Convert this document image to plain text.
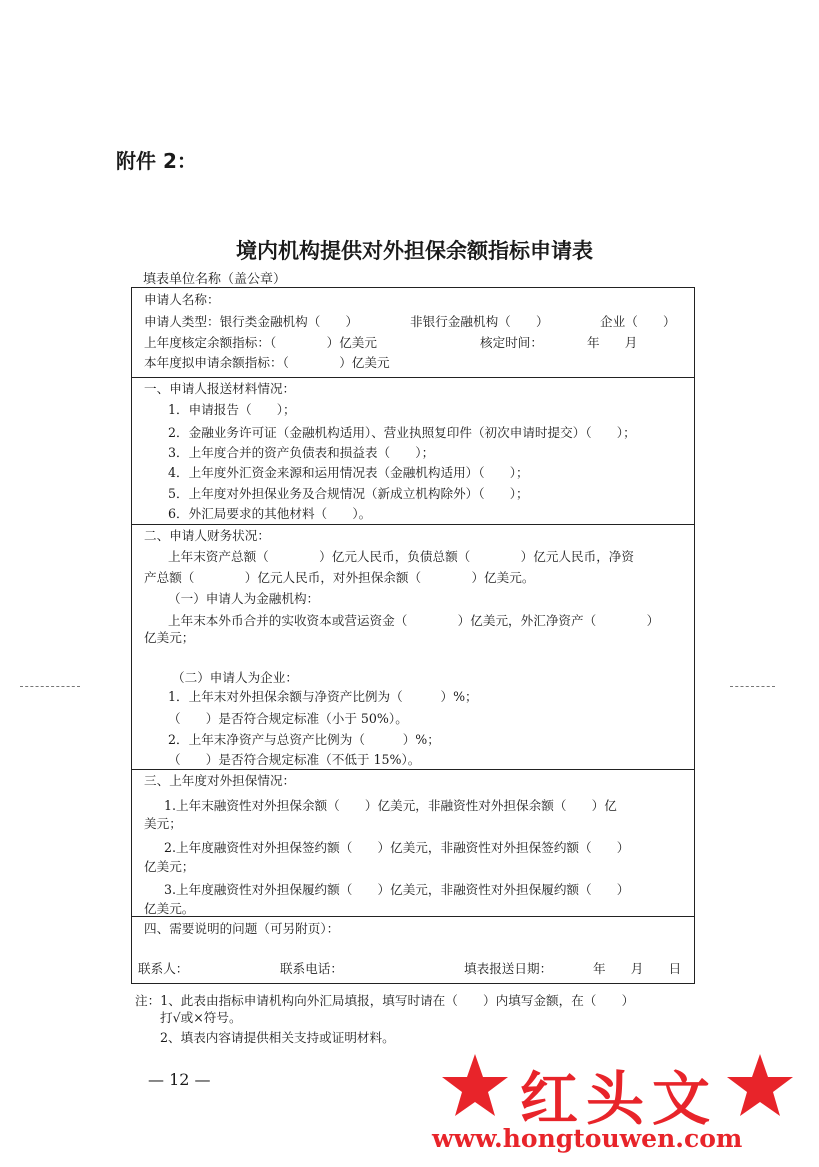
附件 2：
境内机构提供对外担保余额指标申请表
填表单位名称（盖公章）
申请人名称：
申请人类型：银行类金融机构（　　）	非银行金融机构（　　）	企业（　　）
上年度核定余额指标：（　　　　）亿美元	核定时间：	年　　月
本年度拟申请余额指标：（　　　　）亿美元
一、申请人报送材料情况：
1．申请报告（　　）；
2．金融业务许可证（金融机构适用）、营业执照复印件（初次申请时提交）（　　）；
3．上年度合并的资产负债表和损益表（　　）；
4．上年度外汇资金来源和运用情况表（金融机构适用）（　　）；
5．上年度对外担保业务及合规情况（新成立机构除外）（　　）；
6．外汇局要求的其他材料（　　）。
二、申请人财务状况：
上年末资产总额（　　　　）亿元人民币，负债总额（　　　　）亿元人民币，净资
产总额（　　　　）亿元人民币，对外担保余额（　　　　）亿美元。
（一）申请人为金融机构：
上年末本外币合并的实收资本或营运资金（　　　　）亿美元，外汇净资产（　　　　）
亿美元；
（二）申请人为企业：
1．上年末对外担保余额与净资产比例为（　　　）%；
（　　）是否符合规定标准（小于 50%）。
2．上年末净资产与总资产比例为（　　　）%；
（　　）是否符合规定标准（不低于 15%）。
三、上年度对外担保情况：
1.上年末融资性对外担保余额（　　）亿美元，非融资性对外担保余额（　　）亿
美元；
2.上年度融资性对外担保签约额（　　）亿美元，非融资性对外担保签约额（　　）
亿美元；
3.上年度融资性对外担保履约额（　　）亿美元，非融资性对外担保履约额（　　）
亿美元。
四、需要说明的问题（可另附页）：
联系人：	联系电话：	填表报送日期：	年　　月　　日
注：1、此表由指标申请机构向外汇局填报，填写时请在（　　）内填写金额，在（　　）
打√或×符号。
2、填表内容请提供相关支持或证明材料。
— 12 —	红头文
www.hongtouwen.com
